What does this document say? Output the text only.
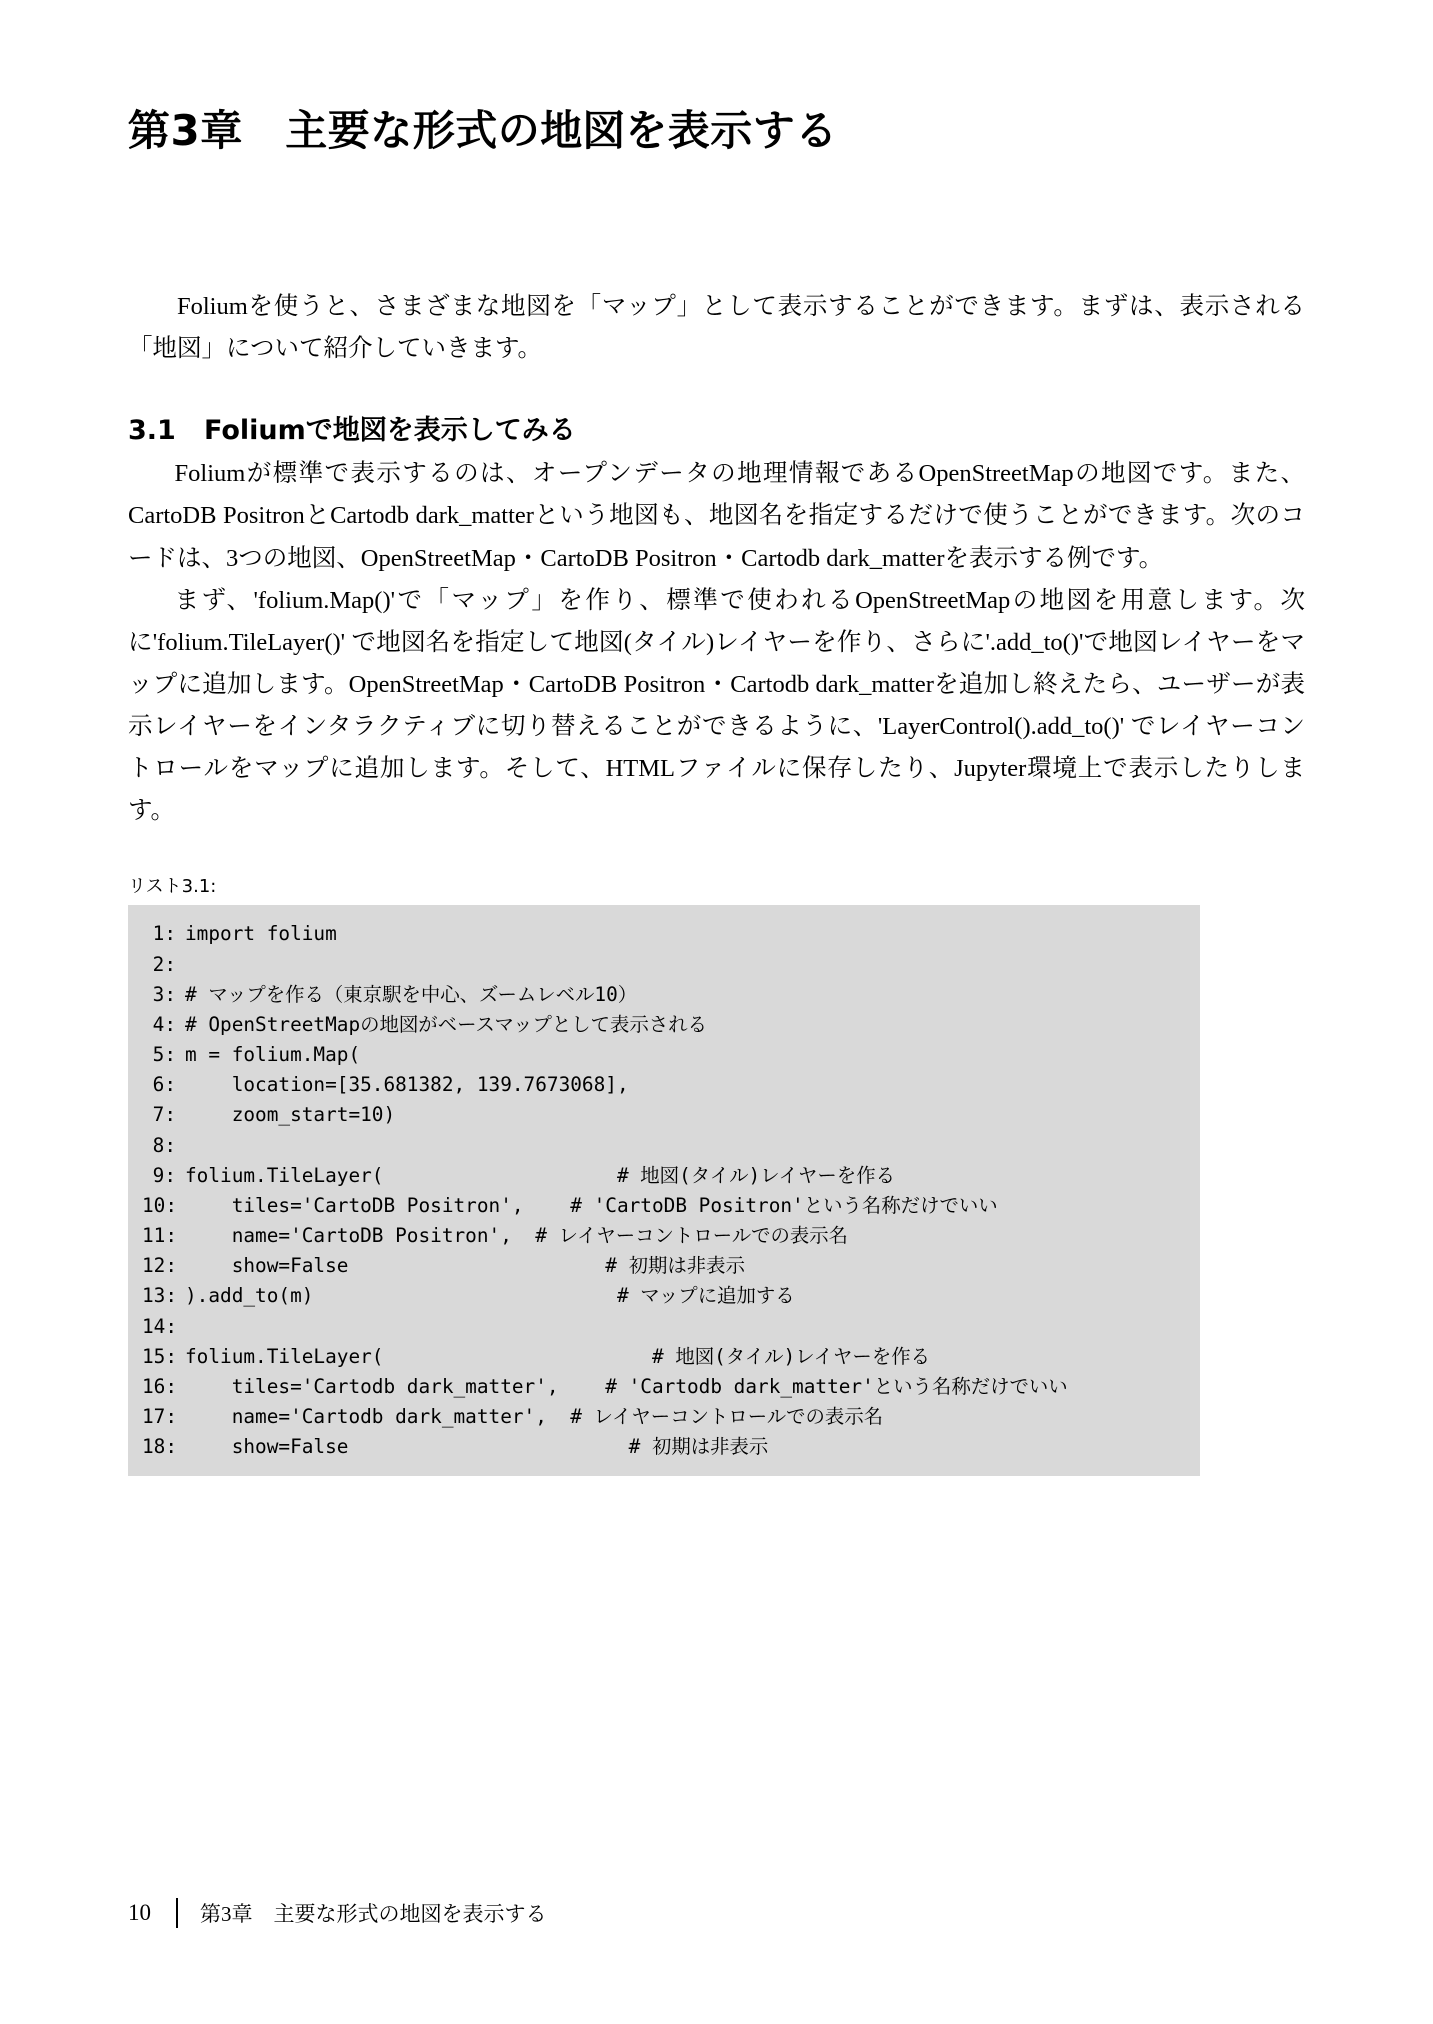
第3章　主要な形式の地図を表示する

Foliumを使うと、さまざまな地図を「マップ」として表示することができます。まずは、表示される「地図」について紹介していきます。

3.1	Foliumで地図を表示してみる

Foliumが標準で表示するのは、オープンデータの地理情報であるOpenStreetMapの地図です。また、CartoDB PositronとCartodb dark_matterという地図も、地図名を指定するだけで使うことができます。次のコードは、3つの地図、OpenStreetMap・CartoDB Positron・Cartodb dark_matterを表示する例です。

まず、'folium.Map()'で「マップ」を作り、標準で使われるOpenStreetMapの地図を用意します。次に'folium.TileLayer()' で地図名を指定して地図(タイル)レイヤーを作り、さらに'.add_to()'で地図レイヤーをマップに追加します。OpenStreetMap・CartoDB Positron・Cartodb dark_matterを追加し終えたら、ユーザーが表示レイヤーをインタラクティブに切り替えることができるように、'LayerControl().add_to()' でレイヤーコントロールをマップに追加します。そして、HTMLファイルに保存したり、Jupyter環境上で表示したりします。

リスト3.1:
1: import folium
2:
3: # マップを作る（東京駅を中心、ズームレベル10）
4: # OpenStreetMapの地図がベースマップとして表示される
5: m = folium.Map(
6:    location=[35.681382, 139.7673068],
7:    zoom_start=10)
8:
9: folium.TileLayer(                    # 地図(タイル)レイヤーを作る
10:    tiles='CartoDB Positron',    # 'CartoDB Positron'という名称だけでいい
11:    name='CartoDB Positron',  # レイヤーコントロールでの表示名
12:    show=False                      # 初期は非表示
13: ).add_to(m)                          # マップに追加する
14:
15: folium.TileLayer(                       # 地図(タイル)レイヤーを作る
16:    tiles='Cartodb dark_matter',    # 'Cartodb dark_matter'という名称だけでいい
17:    name='Cartodb dark_matter',  # レイヤーコントロールでの表示名
18:    show=False                        # 初期は非表示
10	第3章　主要な形式の地図を表示する
